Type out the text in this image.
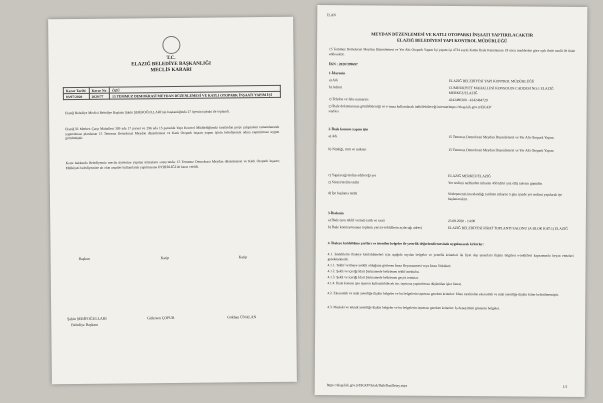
T.C.
ELAZIĞ BELEDİYE BAŞKANLIĞI
MECLİS KARARI
Karar Tarihi	Karar No	ÖZÜ
03/07/2020	2020/77	15 TEMMUZ DEMOKRASİ MEYDAN DÜZENLEMESİ VE KATLI OTOPARK İNŞAATI YAPIM İŞİ
Elazığ Belediye Meclisi Belediye Başkanı Şahin ŞERİFOĞULLARI'nın başkanlığında 27 üyenin iştiraki ile toplandı.
Elazığ İli Merkez Çarşı Mahallesi 309 ada 17 parsel ve 296 ada 15 parselde Yapı Kontrol Müdürlüğümüz tarafından proje çalışmaları tamamlanarak yaptırılması planlanan 15 Temmuz Demokrasi Meydan düzenlemesi ve Katlı Otopark inşaatı yapım işinin belediyemiz adına yaptırılması uygun görülmüştür.
Konu hakkında Belediyemiz meclis üyelerine yapılan müzakere sonucunda; 15 Temmuz Demokrasi Meydan düzenlemesi ve Katlı Otopark inşaatı; Mülkiyeti belediyemize ait olan araziler kullanılarak yapılmasına OYBİRLİĞİ ile karar verildi.
Başkan	Katip	Katip
Şahin ŞERİFOĞULLARI	Gülersen ÇOPUR	Gökhan ÜNALAN
Belediye Başkanı
İLAN
MEYDAN DÜZENLEMESİ VE KATLI OTOPARKI İNŞAATI YAPTIRILACAKTIR
ELAZIĞ BELEDİYESİ YAPI KONTROL MÜDÜRLÜĞÜ
15 Temmuz Demokrasi Meydan Düzenlemesi ve Yer Altı Otopark Yapım İşi yapım işi 4734 sayılı Kamu İhale Kanununun 19 uncu maddesine göre açık ihale usulü ile ihale edilecektir.
İKN : 2020/399697
1-İdarenin
a) Adı	ELAZIĞ BELEDİYESİ YAPI KONTROL MÜDÜRLÜĞÜ
b) Adresi	CUMHURİYET MAHALLESİ KONSOLOS CADDESİ NO:1 ELAZIĞ MERKEZ/ELAZIĞ
c) Telefon ve faks numarası	4242480300 - 4242484729
ç) İhale dokümanının görülebileceği ve e-imza kullanılarak indirilebileceği internet sayfası
https://ekap.kik.gov.tr/EKAP/
2-İhale konusu yapım işin
a) Adı	15 Temmuz Demokrasi Meydan Düzenlemesi ve Yer Altı Otopark Yapım
b) Niteliği, türü ve miktarı	15 Temmuz Demokrasi Meydan Düzenlemesi ve Yer Altı Otopark Yapım
c) Yapılacağı/teslim edileceği yer	ELAZIĞ MERKEZ/ELAZIĞ
ç) Süresi/teslim tarihi	Yer teslimi tarihinden itibaren 450 (dört yüz elli) takvim günüdür.
d) İşe başlama tarihi	Sözleşmenin imzalandığı tarihten itibaren 5 gün içinde yer teslimi yapılarak işe başlanacaktır.
3-İhalenin
a) İhale (son teklif verme) tarih ve saati	23.08.2020 - 14:00
b) İhale komisyonunun toplantı yeri (e-tekliflerin açılacağı adres)	ELAZIĞ BELEDİYESİ FIRAT TOPLANTI SALONU (A BLOK KAT:1) ELAZIĞ
4. İhaleye katılabilme şartları ve istenilen belgeler ile yeterlik değerlendirmesinde uygulanacak kriterler:
4.1. İsteklilerin ihaleye katılabilmeleri için aşağıda sayılan belgeler ve yeterlik kriterleri ile fiyat dışı unsurlara ilişkin bilgileri e-teklifleri kapsamında beyan etmeleri gerekmektedir.
4.1.1. Teklif vermeye yetkili olduğunu gösteren İmza Beyannamesi veya İmza Sirküleri;
4.1.2. Şekli ve içeriği İdari Şartnamede belirlenen teklif mektubu.
4.1.3. Şekli ve içeriği İdari Şartnamede belirlenen geçici teminat.
4.1.4. İhale konusu işte taşeron kullanılabilecek ise, taşerona yaptırılması düşünülen işler listesi.
4.2. Ekonomik ve mali yeterliğe ilişkin belgeler ve bu belgelerin taşıması gereken kriterler: İdare tarafından ekonomik ve mali yeterliğe ilişkin kriter belirtilmemiştir.
4.3. Mesleki ve teknik yeterliğe ilişkin belgeler ve bu belgelerin taşıması gereken kriterler: İş deneyimini gösteren belgeler.
https://ekap.kik.gov.tr/EKAP/Ortak/IhaleIlanDetay.aspx	1/2
